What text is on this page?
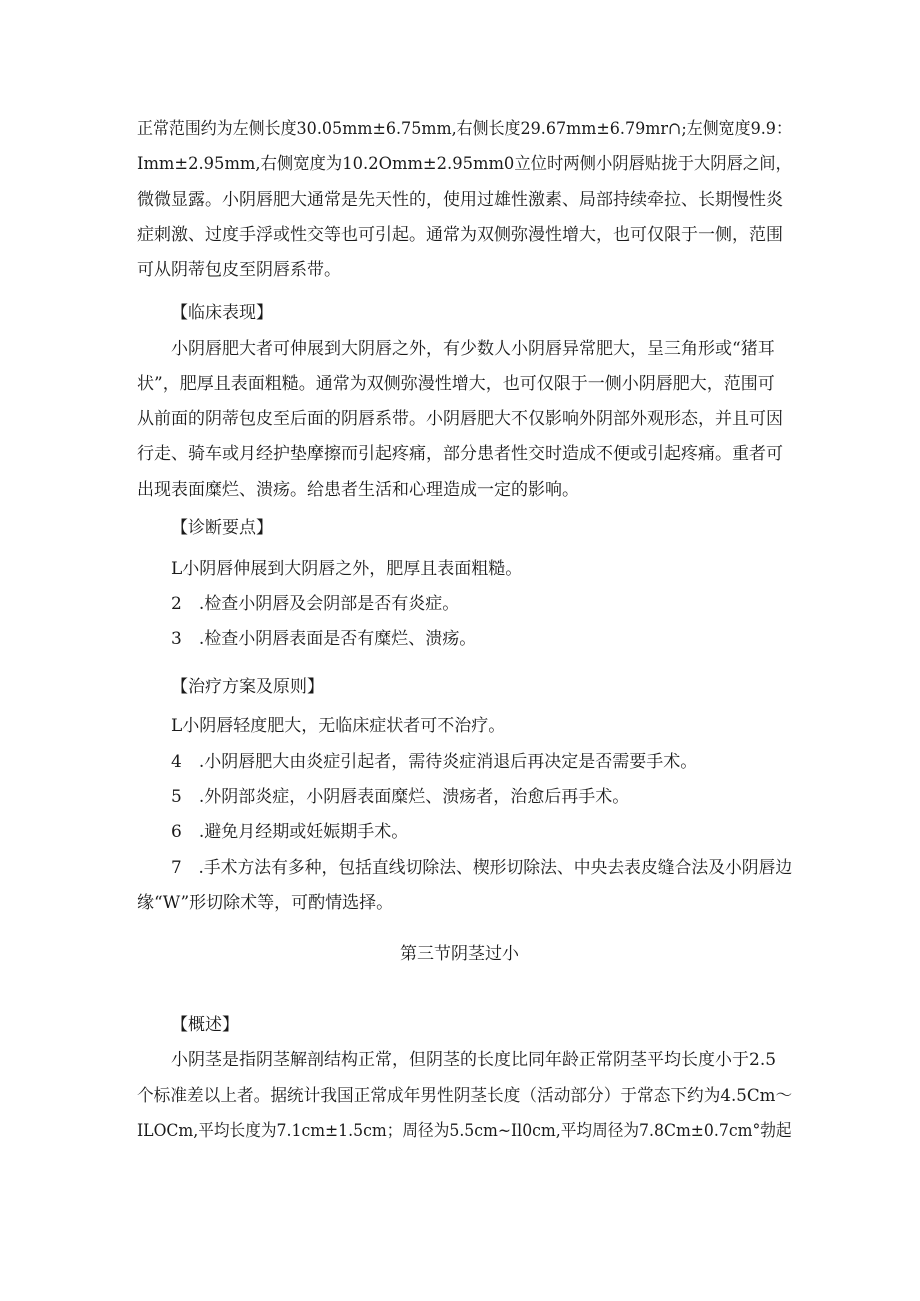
正常范围约为左侧长度30.05mm±6.75mm,右侧长度29.67mm±6.79mr∩;左侧宽度9.9：

Imm±2.95mm,右侧宽度为10.2Omm±2.95mm0立位时两侧小阴唇贴拢于大阴唇之间，

微微显露。小阴唇肥大通常是先天性的，使用过雄性激素、局部持续牵拉、长期慢性炎

症刺激、过度手浮或性交等也可引起。通常为双侧弥漫性增大，也可仅限于一侧，范围

可从阴蒂包皮至阴唇系带。

【临床表现】

小阴唇肥大者可伸展到大阴唇之外，有少数人小阴唇异常肥大，呈三角形或“猪耳

状”，肥厚且表面粗糙。通常为双侧弥漫性增大，也可仅限于一侧小阴唇肥大，范围可

从前面的阴蒂包皮至后面的阴唇系带。小阴唇肥大不仅影响外阴部外观形态，并且可因

行走、骑车或月经护垫摩擦而引起疼痛，部分患者性交时造成不便或引起疼痛。重者可

出现表面糜烂、溃疡。给患者生活和心理造成一定的影响。

【诊断要点】

L小阴唇伸展到大阴唇之外，肥厚且表面粗糙。

2　.检查小阴唇及会阴部是否有炎症。

3　.检查小阴唇表面是否有糜烂、溃疡。

【治疗方案及原则】

L小阴唇轻度肥大，无临床症状者可不治疗。

4　.小阴唇肥大由炎症引起者，需待炎症消退后再决定是否需要手术。

5　.外阴部炎症，小阴唇表面糜烂、溃疡者，治愈后再手术。

6　.避免月经期或妊娠期手术。

7　.手术方法有多种，包括直线切除法、楔形切除法、中央去表皮缝合法及小阴唇边

缘“W”形切除术等，可酌情选择。

第三节阴茎过小

【概述】

小阴茎是指阴茎解剖结构正常，但阴茎的长度比同年龄正常阴茎平均长度小于2.5

个标准差以上者。据统计我国正常成年男性阴茎长度（活动部分）于常态下约为4.5Cm～

ILOCm,平均长度为7.1cm±1.5cm；周径为5.5cm~Il0cm,平均周径为7.8Cm±0.7cm°勃起
